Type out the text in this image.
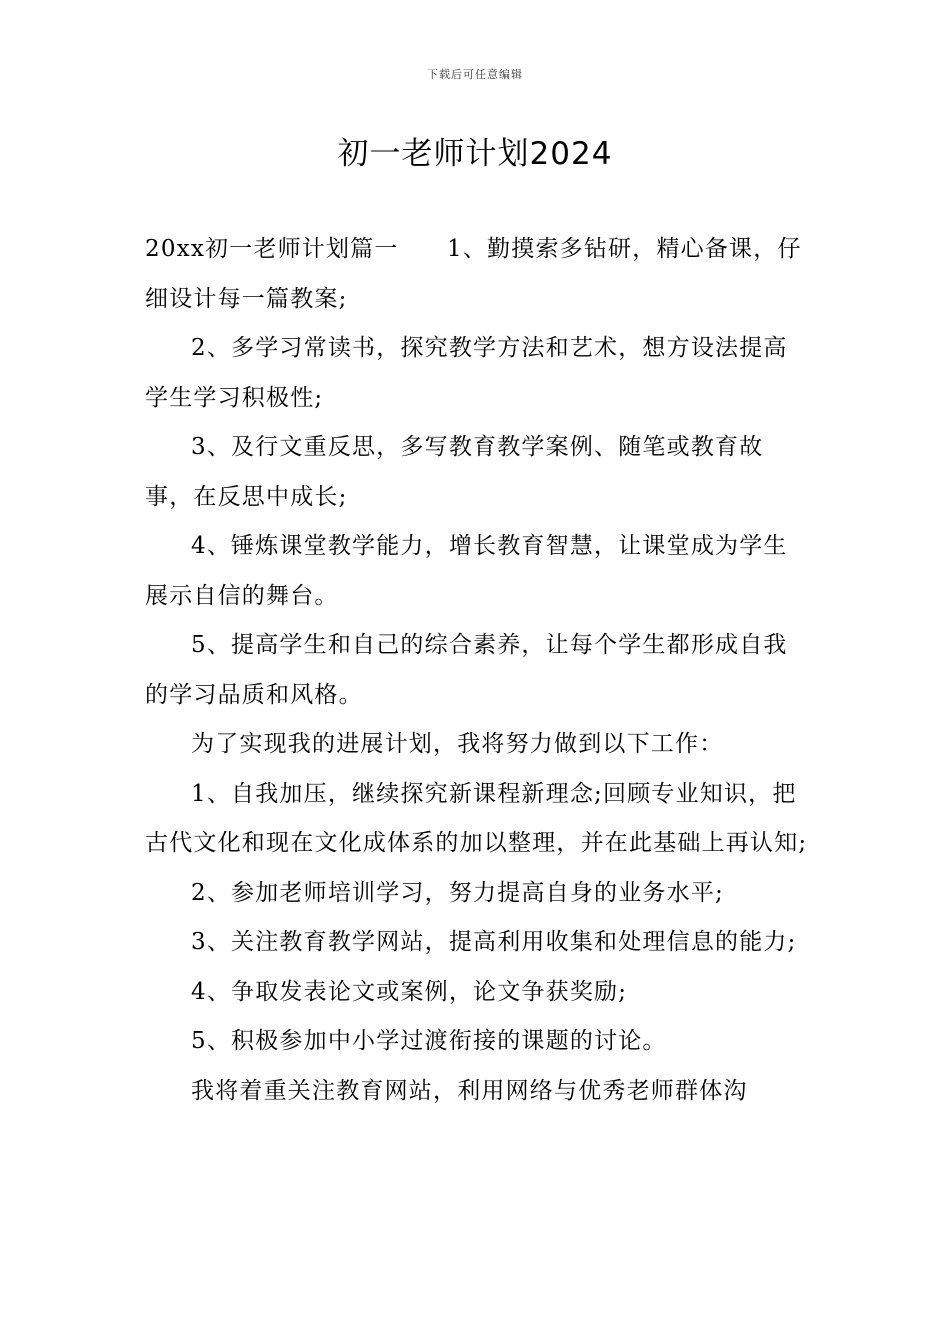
下载后可任意编辑
初一老师计划2024

20xx初一老师计划篇一　　1、勤摸索多钻研，精心备课，仔细设计每一篇教案;

2、多学习常读书，探究教学方法和艺术，想方设法提高学生学习积极性;

3、及行文重反思，多写教育教学案例、随笔或教育故事，在反思中成长;

4、锤炼课堂教学能力，增长教育智慧，让课堂成为学生展示自信的舞台。

5、提高学生和自己的综合素养，让每个学生都形成自我的学习品质和风格。

为了实现我的进展计划，我将努力做到以下工作：

1、自我加压，继续探究新课程新理念;回顾专业知识，把古代文化和现在文化成体系的加以整理，并在此基础上再认知;

2、参加老师培训学习，努力提高自身的业务水平;

3、关注教育教学网站，提高利用收集和处理信息的能力;

4、争取发表论文或案例，论文争获奖励;

5、积极参加中小学过渡衔接的课题的讨论。

我将着重关注教育网站，利用网络与优秀老师群体沟
